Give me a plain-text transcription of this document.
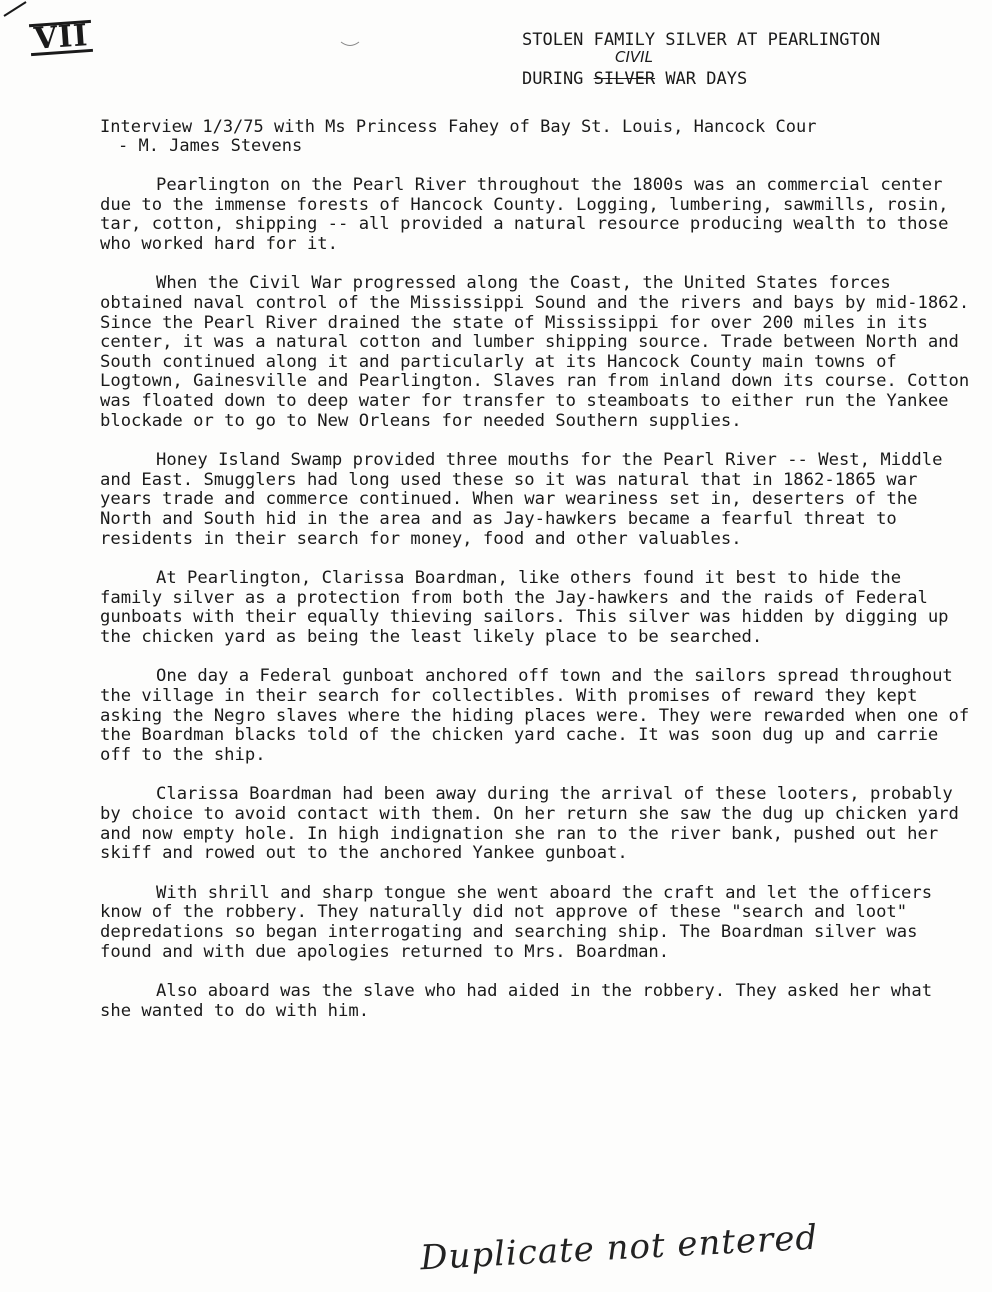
VII	STOLEN FAMILY SILVER AT PEARLINGTON
CIVIL
DURING SILVER WAR DAYS
Interview 1/3/75 with Ms Princess Fahey of Bay St. Louis, Hancock Cour
- M. James Stevens

Pearlington on the Pearl River throughout the 1800s was an commercial center due to the immense forests of Hancock County. Logging, lumbering, sawmills, rosin, tar, cotton, shipping -- all provided a natural resource producing wealth to those who worked hard for it.

When the Civil War progressed along the Coast, the United States forces obtained naval control of the Mississippi Sound and the rivers and bays by mid-1862. Since the Pearl River drained the state of Mississippi for over 200 miles in its center, it was a natural cotton and lumber shipping source. Trade between North and South continued along it and particularly at its Hancock County main towns of Logtown, Gainesville and Pearlington. Slaves ran from inland down its course. Cotton was floated down to deep water for transfer to steamboats to either run the Yankee blockade or to go to New Orleans for needed Southern supplies.

Honey Island Swamp provided three mouths for the Pearl River -- West, Middle and East. Smugglers had long used these so it was natural that in 1862-1865 war years trade and commerce continued. When war weariness set in, deserters of the North and South hid in the area and as Jay-hawkers became a fearful threat to residents in their search for money, food and other valuables.

At Pearlington, Clarissa Boardman, like others found it best to hide the family silver as a protection from both the Jay-hawkers and the raids of Federal gunboats with their equally thieving sailors. This silver was hidden by digging up the chicken yard as being the least likely place to be searched.

One day a Federal gunboat anchored off town and the sailors spread throughout the village in their search for collectibles. With promises of reward they kept asking the Negro slaves where the hiding places were. They were rewarded when one of the Boardman blacks told of the chicken yard cache. It was soon dug up and carrie off to the ship.

Clarissa Boardman had been away during the arrival of these looters, probably by choice to avoid contact with them. On her return she saw the dug up chicken yard and now empty hole. In high indignation she ran to the river bank, pushed out her skiff and rowed out to the anchored Yankee gunboat.

With shrill and sharp tongue she went aboard the craft and let the officers know of the robbery. They naturally did not approve of these "search and loot" depredations so began interrogating and searching ship. The Boardman silver was found and with due apologies returned to Mrs. Boardman.

Also aboard was the slave who had aided in the robbery. They asked her what she wanted to do with him.

Duplicate not entered
